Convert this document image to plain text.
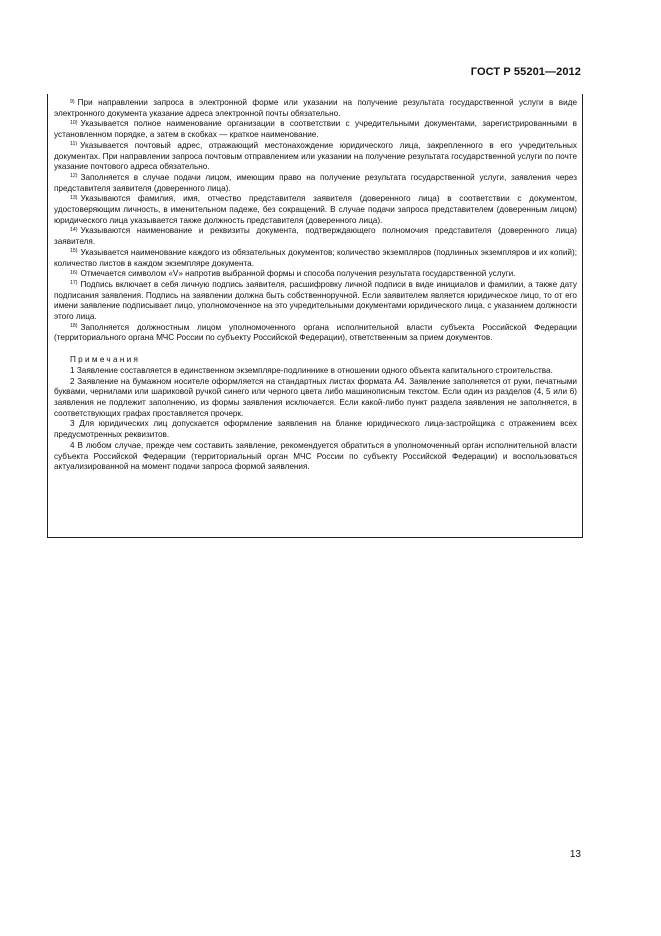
ГОСТ Р 55201—2012

$^{9)}$ При направлении запроса в электронной форме или указании на получение результата государственной услуги в виде электронного документа указание адреса электронной почты обязательно.

$^{10)}$ Указывается полное наименование организации в соответствии с учредительными документами, зарегистрированными в установленном порядке, а затем в скобках — краткое наименование.

$^{11)}$ Указывается почтовый адрес, отражающий местонахождение юридического лица, закрепленного в его учредительных документах. При направлении запроса почтовым отправлением или указании на получение результата государственной услуги по почте указание почтового адреса обязательно.

$^{12)}$ Заполняется в случае подачи лицом, имеющим право на получение результата государственной услуги, заявления через представителя заявителя (доверенного лица).

$^{13)}$ Указываются фамилия, имя, отчество представителя заявителя (доверенного лица) в соответствии с документом, удостоверяющим личность, в именительном падеже, без сокращений. В случае подачи запроса представителем (доверенным лицом) юридического лица указывается также должность представителя (доверенного лица).

$^{14)}$ Указываются наименование и реквизиты документа, подтверждающего полномочия представителя (доверенного лица) заявителя.

$^{15)}$ Указывается наименование каждого из обязательных документов; количество экземпляров (подлинных экземпляров и их копий); количество листов в каждом экземпляре документа.

$^{16)}$ Отмечается символом «V» напротив выбранной формы и способа получения результата государственной услуги.

$^{17)}$ Подпись включает в себя личную подпись заявителя, расшифровку личной подписи в виде инициалов и фамилии, а также дату подписания заявления. Подпись на заявлении должна быть собственноручной. Если заявителем является юридическое лицо, то от его имени заявление подписывает лицо, уполномоченное на это учредительными документами юридического лица, с указанием должности этого лица.

$^{18)}$ Заполняется должностным лицом уполномоченного органа исполнительной власти субъекта Российской Федерации (территориального органа МЧС России по субъекту Российской Федерации), ответственным за прием документов.

Примечания

1 Заявление составляется в единственном экземпляре-подлиннике в отношении одного объекта капитального строительства.

2 Заявление на бумажном носителе оформляется на стандартных листах формата А4. Заявление заполняется от руки, печатными буквами, чернилами или шариковой ручкой синего или черного цвета либо машинописным текстом. Если один из разделов (4, 5 или 6) заявления не подлежит заполнению, из формы заявления исключается. Если какой-либо пункт раздела заявления не заполняется, в соответствующих графах проставляется прочерк.

3 Для юридических лиц допускается оформление заявления на бланке юридического лица-застройщика с отражением всех предусмотренных реквизитов.

4 В любом случае, прежде чем составить заявление, рекомендуется обратиться в уполномоченный орган исполнительной власти субъекта Российской Федерации (территориальный орган МЧС России по субъекту Российской Федерации) и воспользоваться актуализированной на момент подачи запроса формой заявления.

13
